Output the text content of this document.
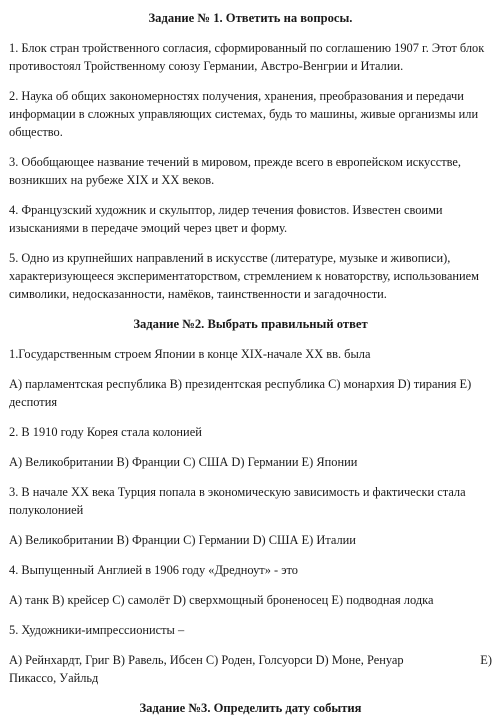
Задание № 1. Ответить на вопросы.

1. Блок стран тройственного согласия, сформированный по соглашению 1907 г. Этот блок противостоял Тройственному союзу Германии, Австро-Венгрии и Италии.

2. Наука об общих закономерностях получения, хранения, преобразования и передачи информации в сложных управляющих системах, будь то машины, живые организмы или общество.

3. Обобщающее название течений в мировом, прежде всего в европейском искусстве, возникших на рубеже XIX и XX веков.

4. Французский художник и скульптор, лидер течения фовистов. Известен своими изысканиями в передаче эмоций через цвет и форму.

5. Одно из крупнейших направлений в искусстве (литературе, музыке и живописи), характеризующееся экспериментаторством, стремлением к новаторству, использованием символики, недосказанности, намёков, таинственности и загадочности.

Задание №2. Выбрать правильный ответ

1.Государственным строем Японии в конце XIX-начале XX вв. была

А) парламентская республика В) президентская республика С) монархия D) тирания Е) деспотия

2. В 1910 году Корея стала колонией

А) Великобритании В) Франции С) США D) Германии Е) Японии

3. В начале XX века Турция попала в экономическую зависимость и фактически стала полуколонией

А) Великобритании В) Франции С) Германии D) США Е) Италии

4. Выпущенный Англией в 1906 году «Дредноут» - это

А) танк В) крейсер С) самолёт D) сверхмощный броненосец Е) подводная лодка

5. Художники-импрессионисты –

А) Рейнхардт, Григ В) Равель, Ибсен С) Роден, Голсуорси D) Моне, Ренуар	Е)
Пикассо, Уайльд

Задание №3. Определить дату события
